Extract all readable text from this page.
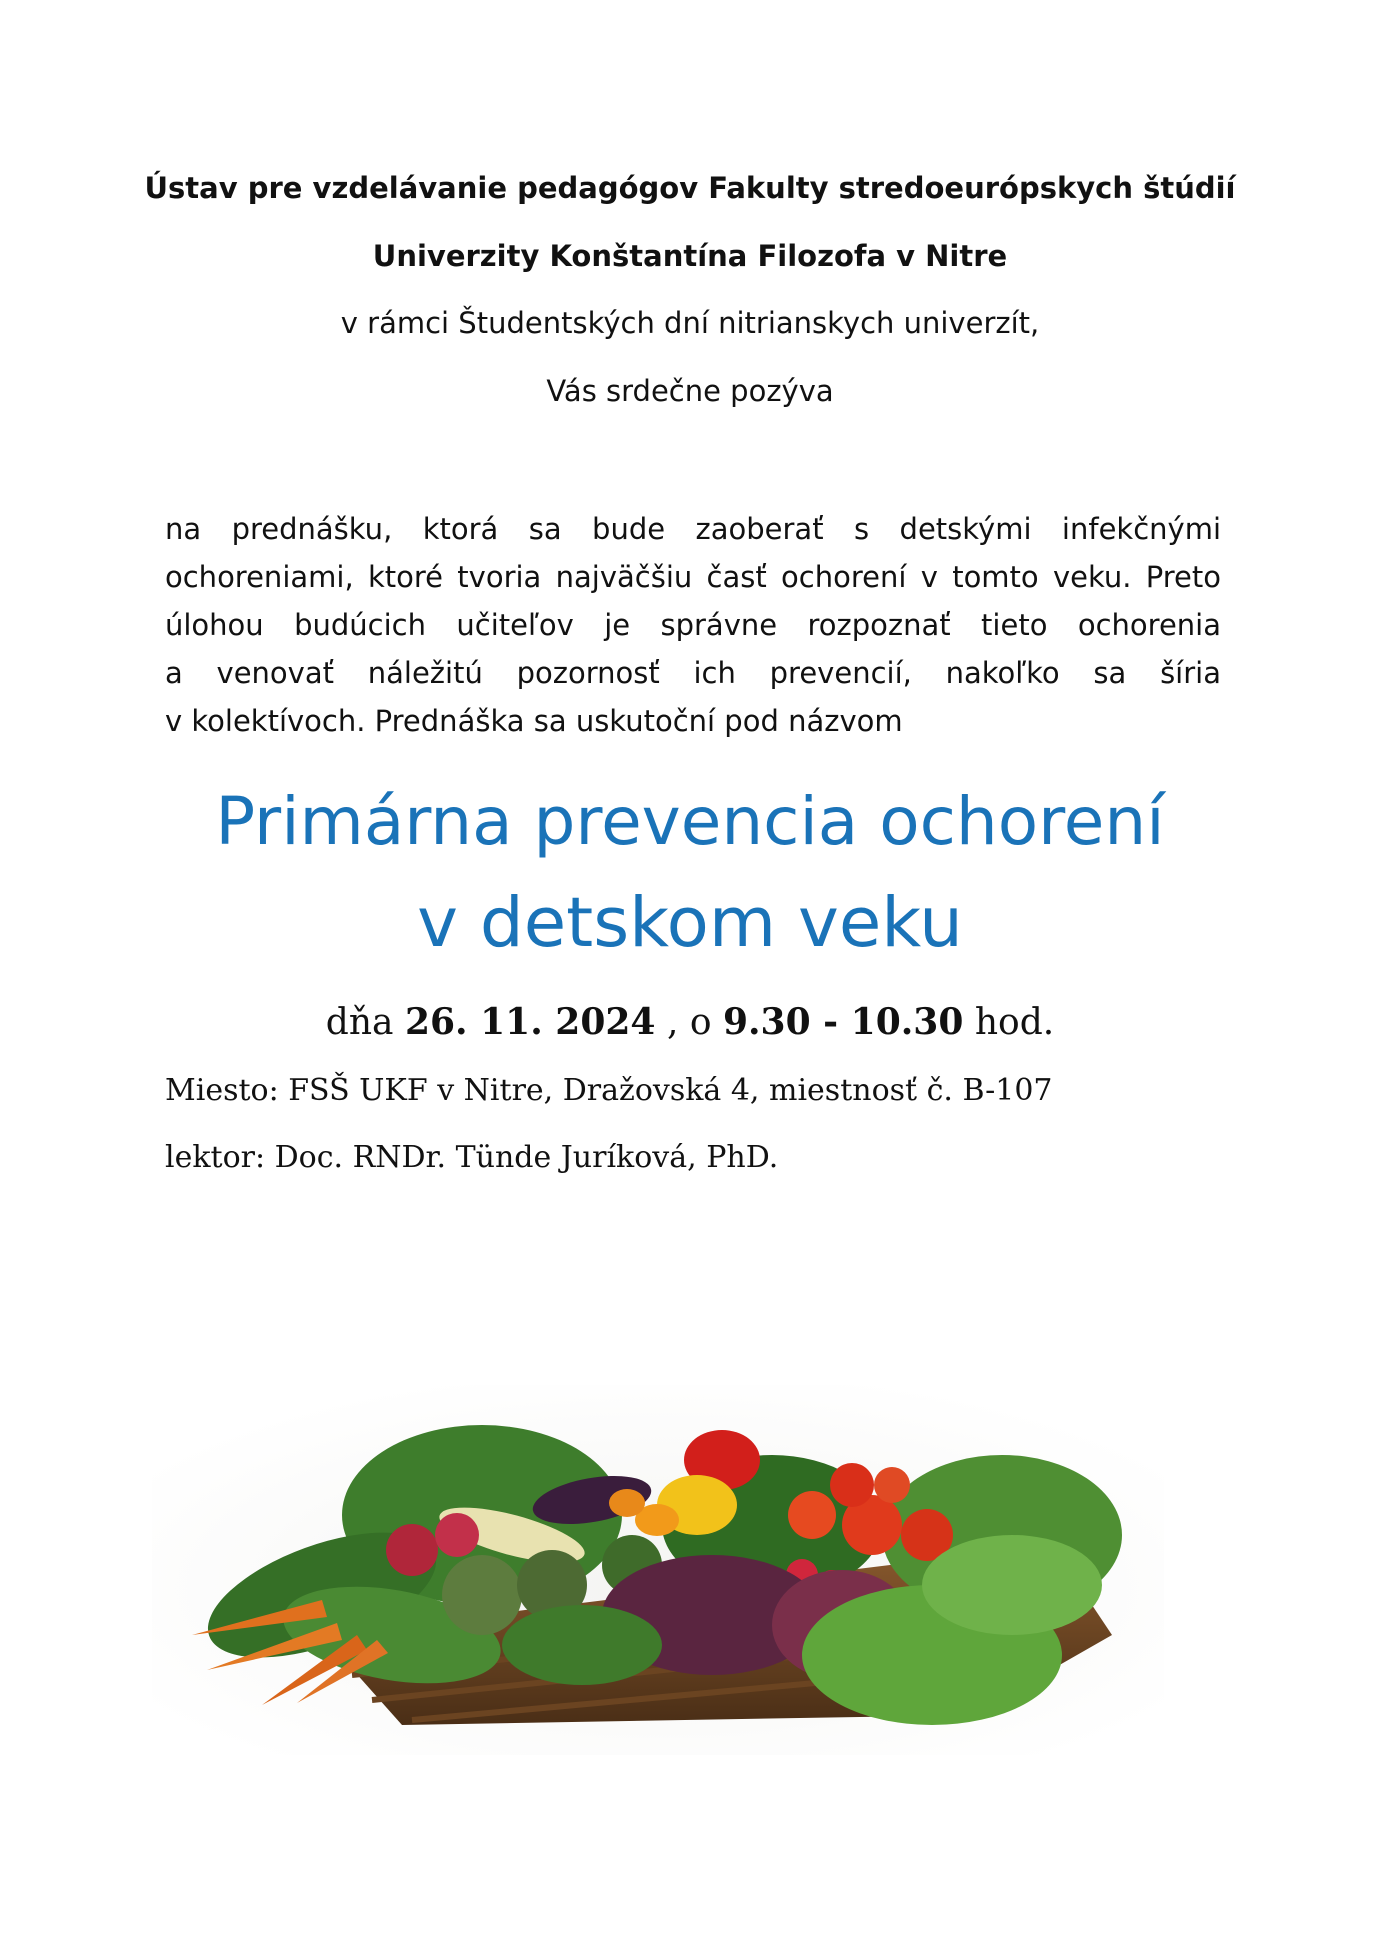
Ústav pre vzdelávanie pedagógov Fakulty stredoeurópskych štúdií
Univerzity Konštantína Filozofa v Nitre
v rámci Študentských dní nitrianskych univerzít,
Vás srdečne pozýva
na prednášku, ktorá sa bude zaoberať s detskými infekčnými
ochoreniami, ktoré tvoria najväčšiu časť ochorení v tomto veku. Preto
úlohou budúcich učiteľov je správne rozpoznať tieto ochorenia
a venovať náležitú pozornosť ich prevencií, nakoľko sa šíria
v kolektívoch. Prednáška sa uskutoční pod názvom
Primárna prevencia ochorení
v detskom veku
dňa 26. 11. 2024 , o 9.30 - 10.30 hod.
Miesto: FSŠ UKF v Nitre, Dražovská 4, miestnosť č. B-107
lektor: Doc. RNDr. Tünde Juríková, PhD.
